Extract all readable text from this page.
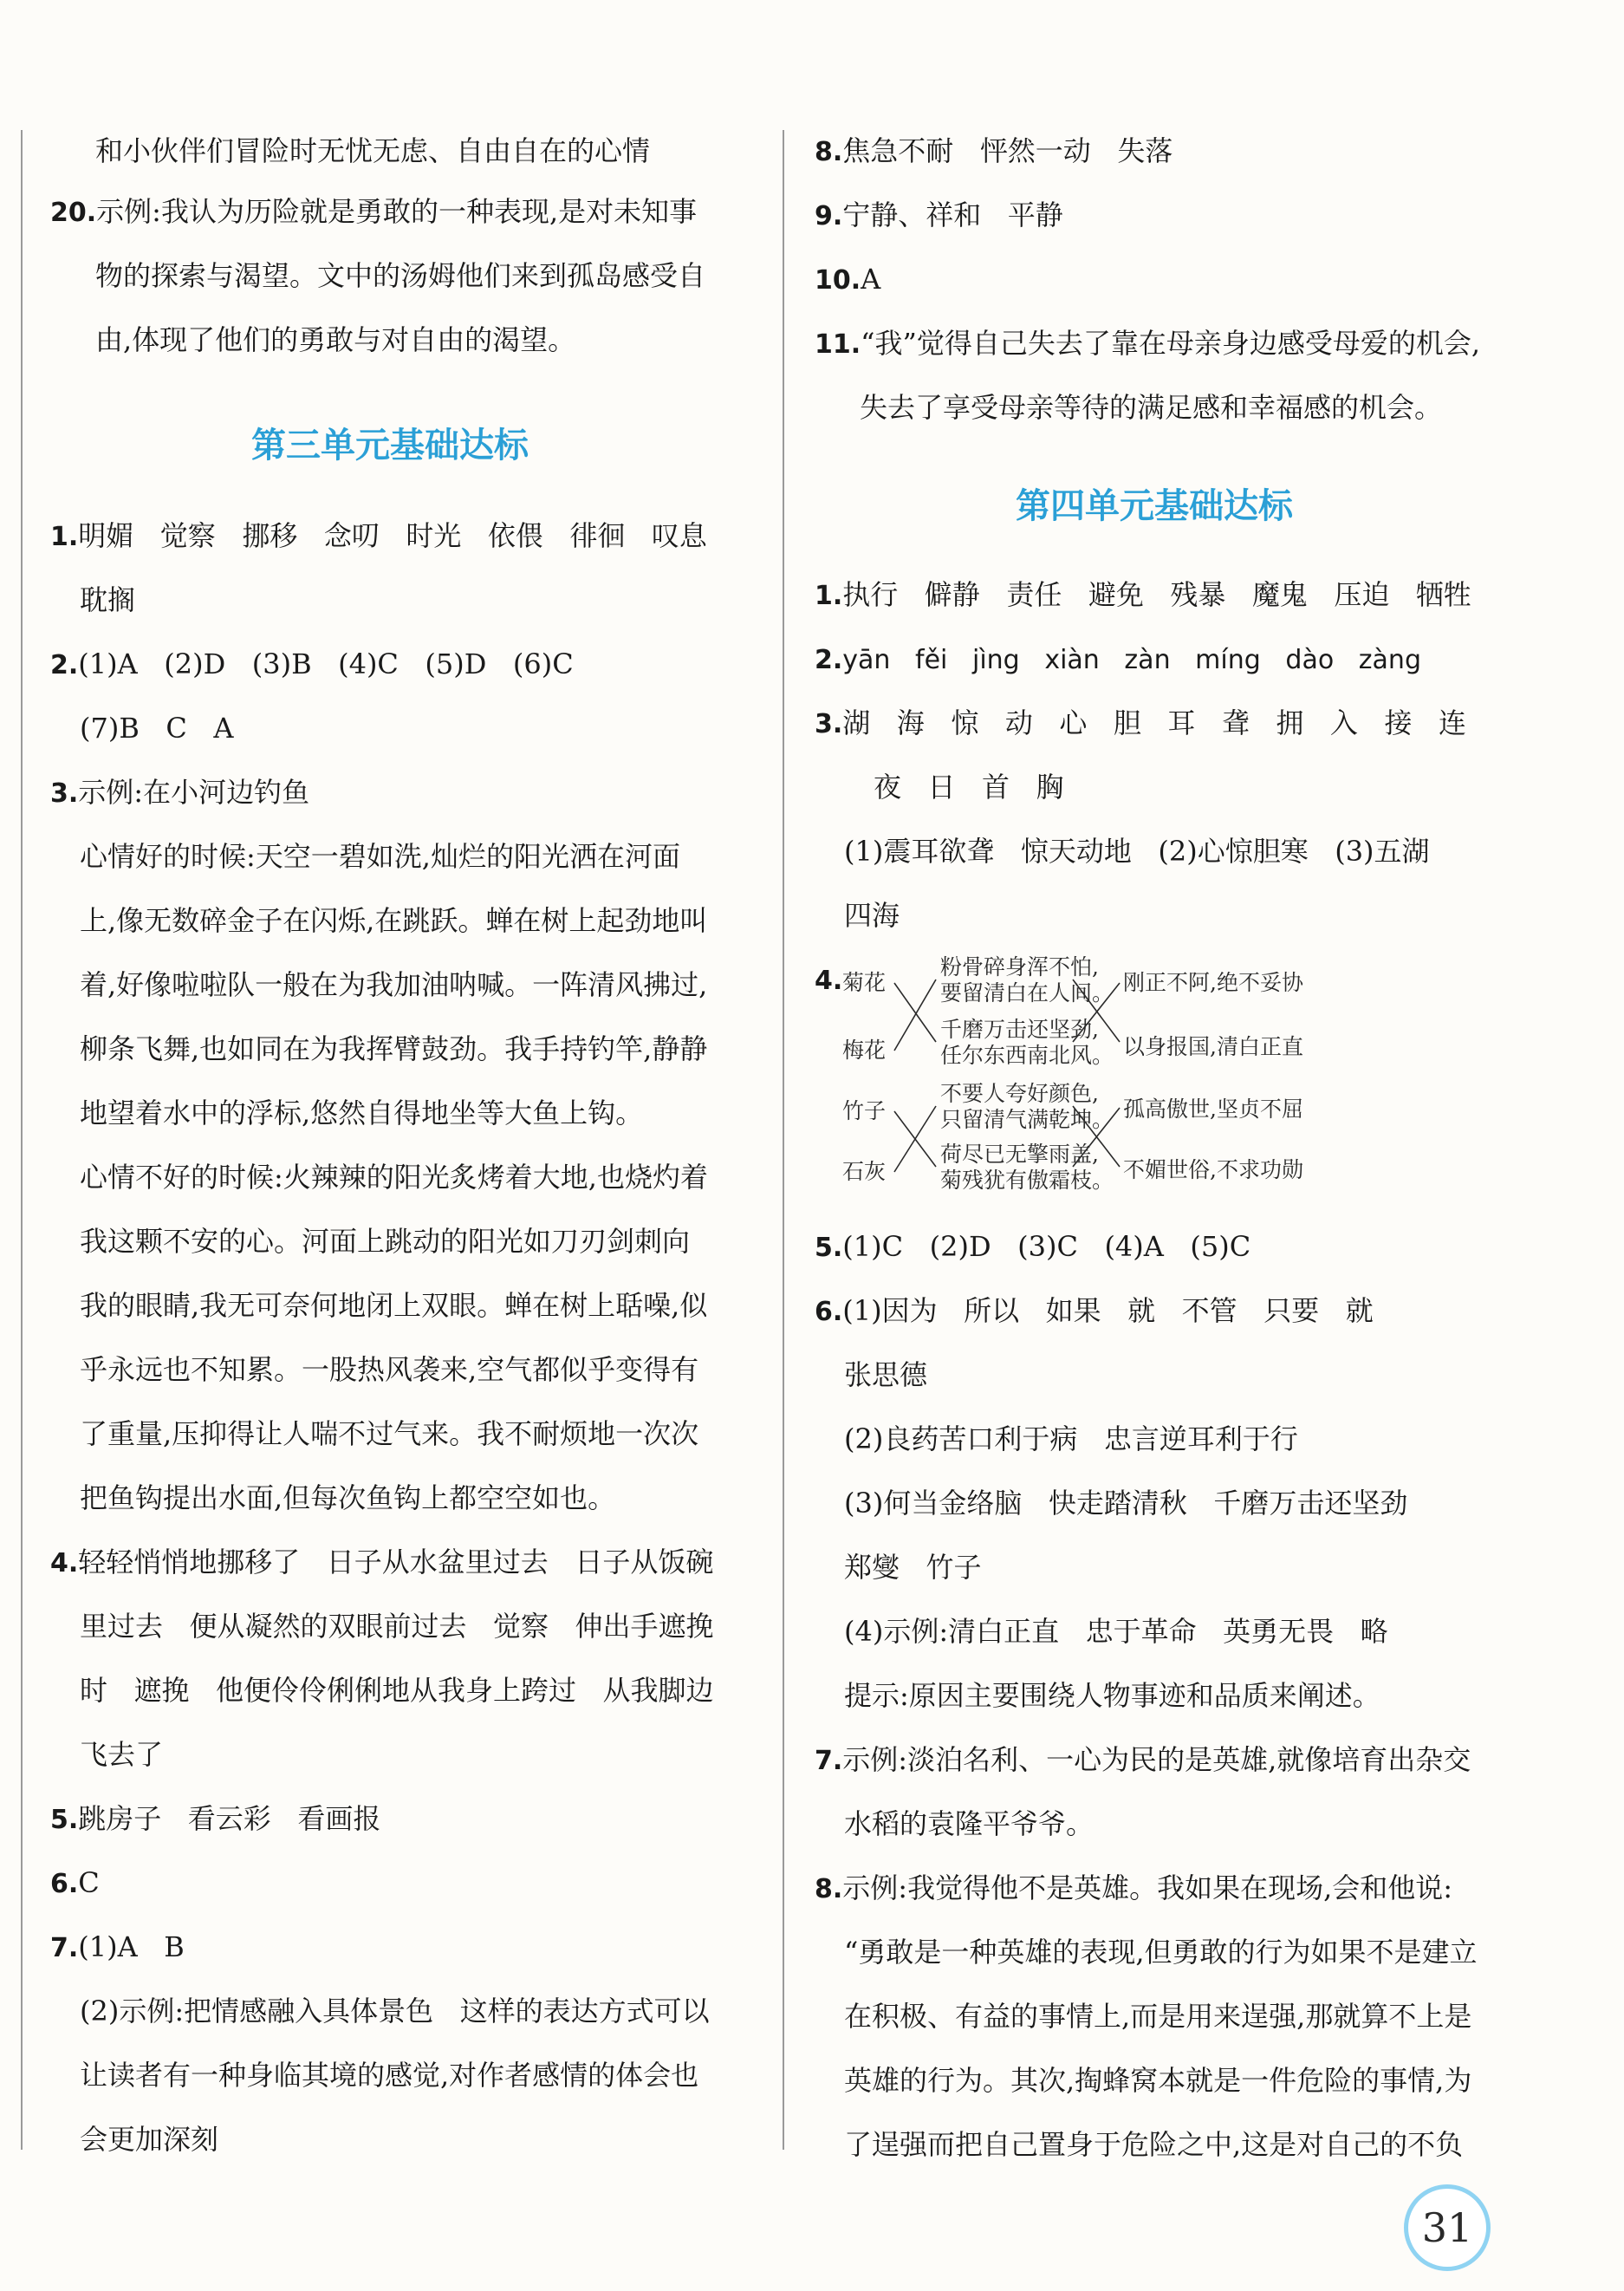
和小伙伴们冒险时无忧无虑、自由自在的心情
20.示例:我认为历险就是勇敢的一种表现,是对未知事
物的探索与渴望。文中的汤姆他们来到孤岛感受自
由,体现了他们的勇敢与对自由的渴望。
第三单元基础达标
1.明媚   觉察   挪移   念叨   时光   依偎   徘徊   叹息
耽搁
2.(1)A   (2)D   (3)B   (4)C   (5)D   (6)C
(7)B   C   A
3.示例:在小河边钓鱼
心情好的时候:天空一碧如洗,灿烂的阳光洒在河面
上,像无数碎金子在闪烁,在跳跃。蝉在树上起劲地叫
着,好像啦啦队一般在为我加油呐喊。一阵清风拂过,
柳条飞舞,也如同在为我挥臂鼓劲。我手持钓竿,静静
地望着水中的浮标,悠然自得地坐等大鱼上钩。
心情不好的时候:火辣辣的阳光炙烤着大地,也烧灼着
我这颗不安的心。河面上跳动的阳光如刀刃剑刺向
我的眼睛,我无可奈何地闭上双眼。蝉在树上聒噪,似
乎永远也不知累。一股热风袭来,空气都似乎变得有
了重量,压抑得让人喘不过气来。我不耐烦地一次次
把鱼钩提出水面,但每次鱼钩上都空空如也。
4.轻轻悄悄地挪移了   日子从水盆里过去   日子从饭碗
里过去   便从凝然的双眼前过去   觉察   伸出手遮挽
时   遮挽   他便伶伶俐俐地从我身上跨过   从我脚边
飞去了
5.跳房子   看云彩   看画报
6.C
7.(1)A   B
(2)示例:把情感融入具体景色   这样的表达方式可以
让读者有一种身临其境的感觉,对作者感情的体会也
会更加深刻
8.焦急不耐   怦然一动   失落
9.宁静、祥和   平静
10.A
11.“我”觉得自己失去了靠在母亲身边感受母爱的机会,
失去了享受母亲等待的满足感和幸福感的机会。
第四单元基础达标
1.执行   僻静   责任   避免   残暴   魔鬼   压迫   牺牲
2.yān   fěi   jìng   xiàn   zàn   míng   dào   zàng
3.湖   海   惊   动   心   胆   耳   聋   拥   入   接   连
夜   日   首   胸
(1)震耳欲聋   惊天动地   (2)心惊胆寒   (3)五湖
四海
4. 菊花
梅花
竹子
石灰
粉骨碎身浑不怕,
要留清白在人间。
千磨万击还坚劲,
任尔东西南北风。
不要人夸好颜色,
只留清气满乾坤。
荷尽已无擎雨盖,
菊残犹有傲霜枝。
刚正不阿,绝不妥协
以身报国,清白正直
孤高傲世,坚贞不屈
不媚世俗,不求功勋
5.(1)C   (2)D   (3)C   (4)A   (5)C
6.(1)因为   所以   如果   就   不管   只要   就
张思德
(2)良药苦口利于病   忠言逆耳利于行
(3)何当金络脑   快走踏清秋   千磨万击还坚劲
郑燮   竹子
(4)示例:清白正直   忠于革命   英勇无畏   略
提示:原因主要围绕人物事迹和品质来阐述。
7.示例:淡泊名利、一心为民的是英雄,就像培育出杂交
水稻的袁隆平爷爷。
8.示例:我觉得他不是英雄。我如果在现场,会和他说:
“勇敢是一种英雄的表现,但勇敢的行为如果不是建立
在积极、有益的事情上,而是用来逞强,那就算不上是
英雄的行为。其次,掏蜂窝本就是一件危险的事情,为
了逞强而把自己置身于危险之中,这是对自己的不负
31
